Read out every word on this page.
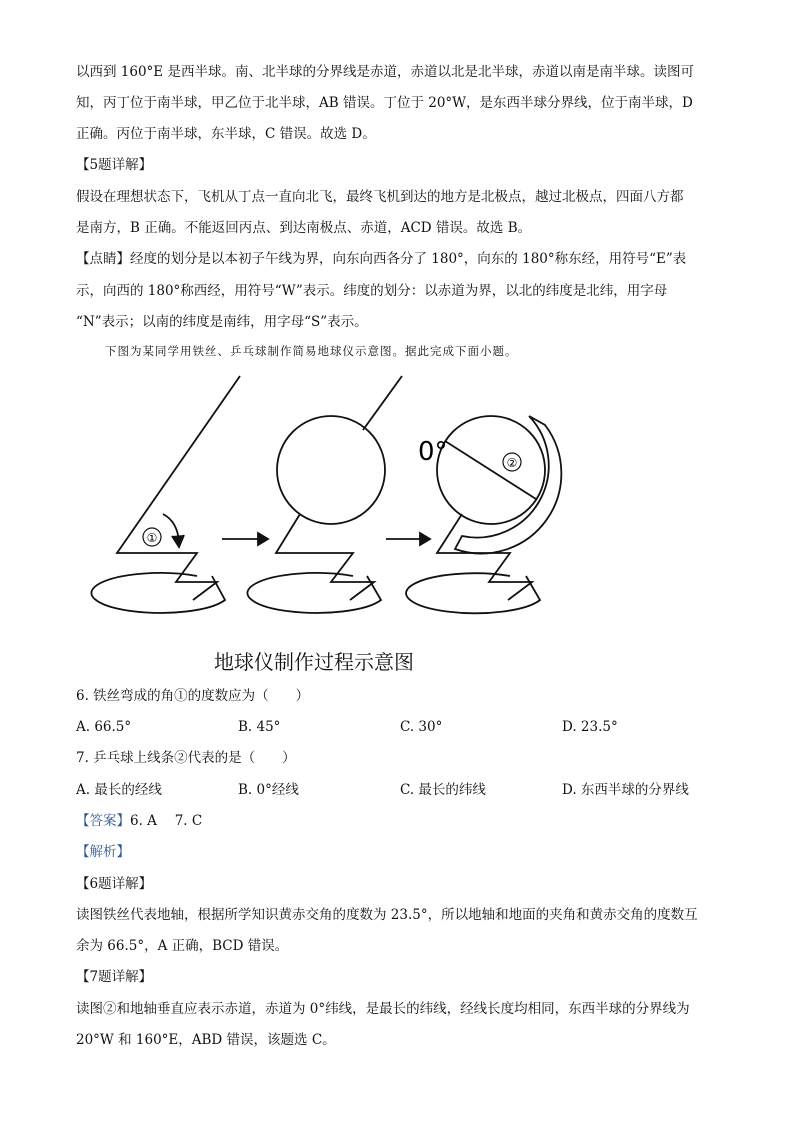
以西到 160°E 是西半球。南、北半球的分界线是赤道，赤道以北是北半球，赤道以南是南半球。读图可
知，丙丁位于南半球，甲乙位于北半球，AB 错误。丁位于 20°W，是东西半球分界线，位于南半球，D
正确。丙位于南半球，东半球，C 错误。故选 D。
【5题详解】
假设在理想状态下，飞机从丁点一直向北飞，最终飞机到达的地方是北极点，越过北极点，四面八方都
是南方，B 正确。不能返回丙点、到达南极点、赤道，ACD 错误。故选 B。
【点睛】经度的划分是以本初子午线为界，向东向西各分了 180°，向东的 180°称东经，用符号“E”表
示，向西的 180°称西经，用符号“W”表示。纬度的划分：以赤道为界，以北的纬度是北纬，用字母
“N”表示；以南的纬度是南纬，用字母“S”表示。
下图为某同学用铁丝、乒乓球制作简易地球仪示意图。据此完成下面小题。
①
②
0°
地球仪制作过程示意图
6. 铁丝弯成的角①的度数应为（　　）
A. 66.5°	B. 45°	C. 30°	D. 23.5°
7. 乒乓球上线条②代表的是（　　）
A. 最长的经线	B. 0°经线	C. 最长的纬线	D. 东西半球的分界线
【答案】6. A　 7. C
【解析】
【6题详解】
读图铁丝代表地轴，根据所学知识黄赤交角的度数为 23.5°，所以地轴和地面的夹角和黄赤交角的度数互
余为 66.5°，A 正确，BCD 错误。
【7题详解】
读图②和地轴垂直应表示赤道，赤道为 0°纬线，是最长的纬线，经线长度均相同，东西半球的分界线为
20°W 和 160°E，ABD 错误，该题选 C。
